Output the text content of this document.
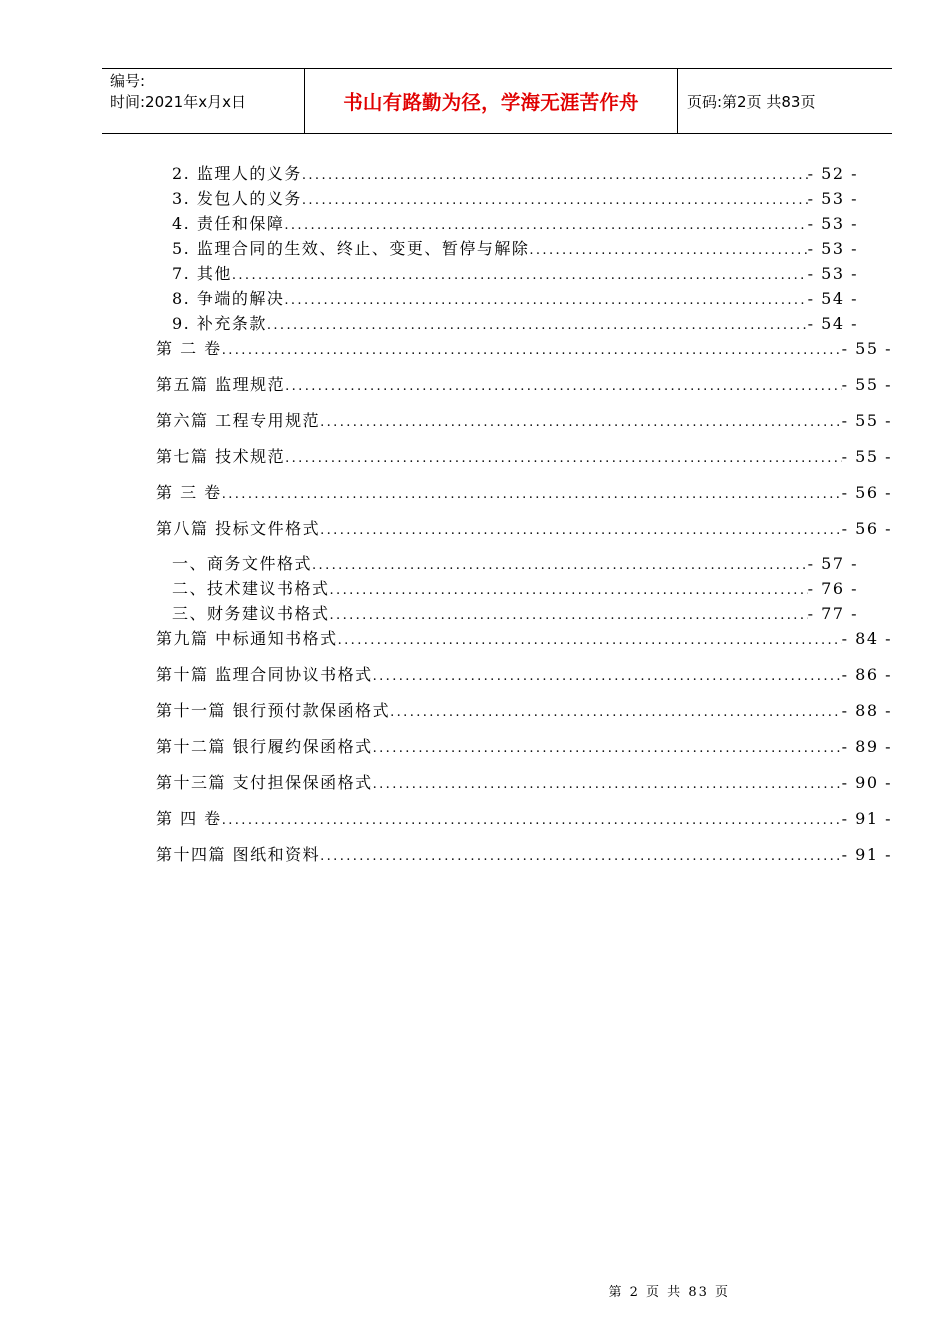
编号:
时间:2021年x月x日	书山有路勤为径，学海无涯苦作舟	页码:第2页 共83页
2. 监理人的义务 .....	- 52 -
3. 发包人的义务 .....	- 53 -
4. 责任和保障 .....	- 53 -
5. 监理合同的生效、终止、变更、暂停与解除 .....	- 53 -
7. 其他 .....	- 53 -
8. 争端的解决 .....	- 54 -
9. 补充条款 .....	- 54 -
第 二 卷 .....	- 55 -
第五篇 监理规范 .....	- 55 -
第六篇 工程专用规范 .....	- 55 -
第七篇 技术规范 .....	- 55 -
第 三 卷 .....	- 56 -
第八篇 投标文件格式 .....	- 56 -
一、商务文件格式 .....	- 57 -
二、技术建议书格式 .....	- 76 -
三、财务建议书格式 .....	- 77 -
第九篇 中标通知书格式 .....	- 84 -
第十篇 监理合同协议书格式 .....	- 86 -
第十一篇 银行预付款保函格式 .....	- 88 -
第十二篇 银行履约保函格式 .....	- 89 -
第十三篇 支付担保保函格式 .....	- 90 -
第 四 卷 .....	- 91 -
第十四篇 图纸和资料 .....	- 91 -
第 2 页 共 83 页
